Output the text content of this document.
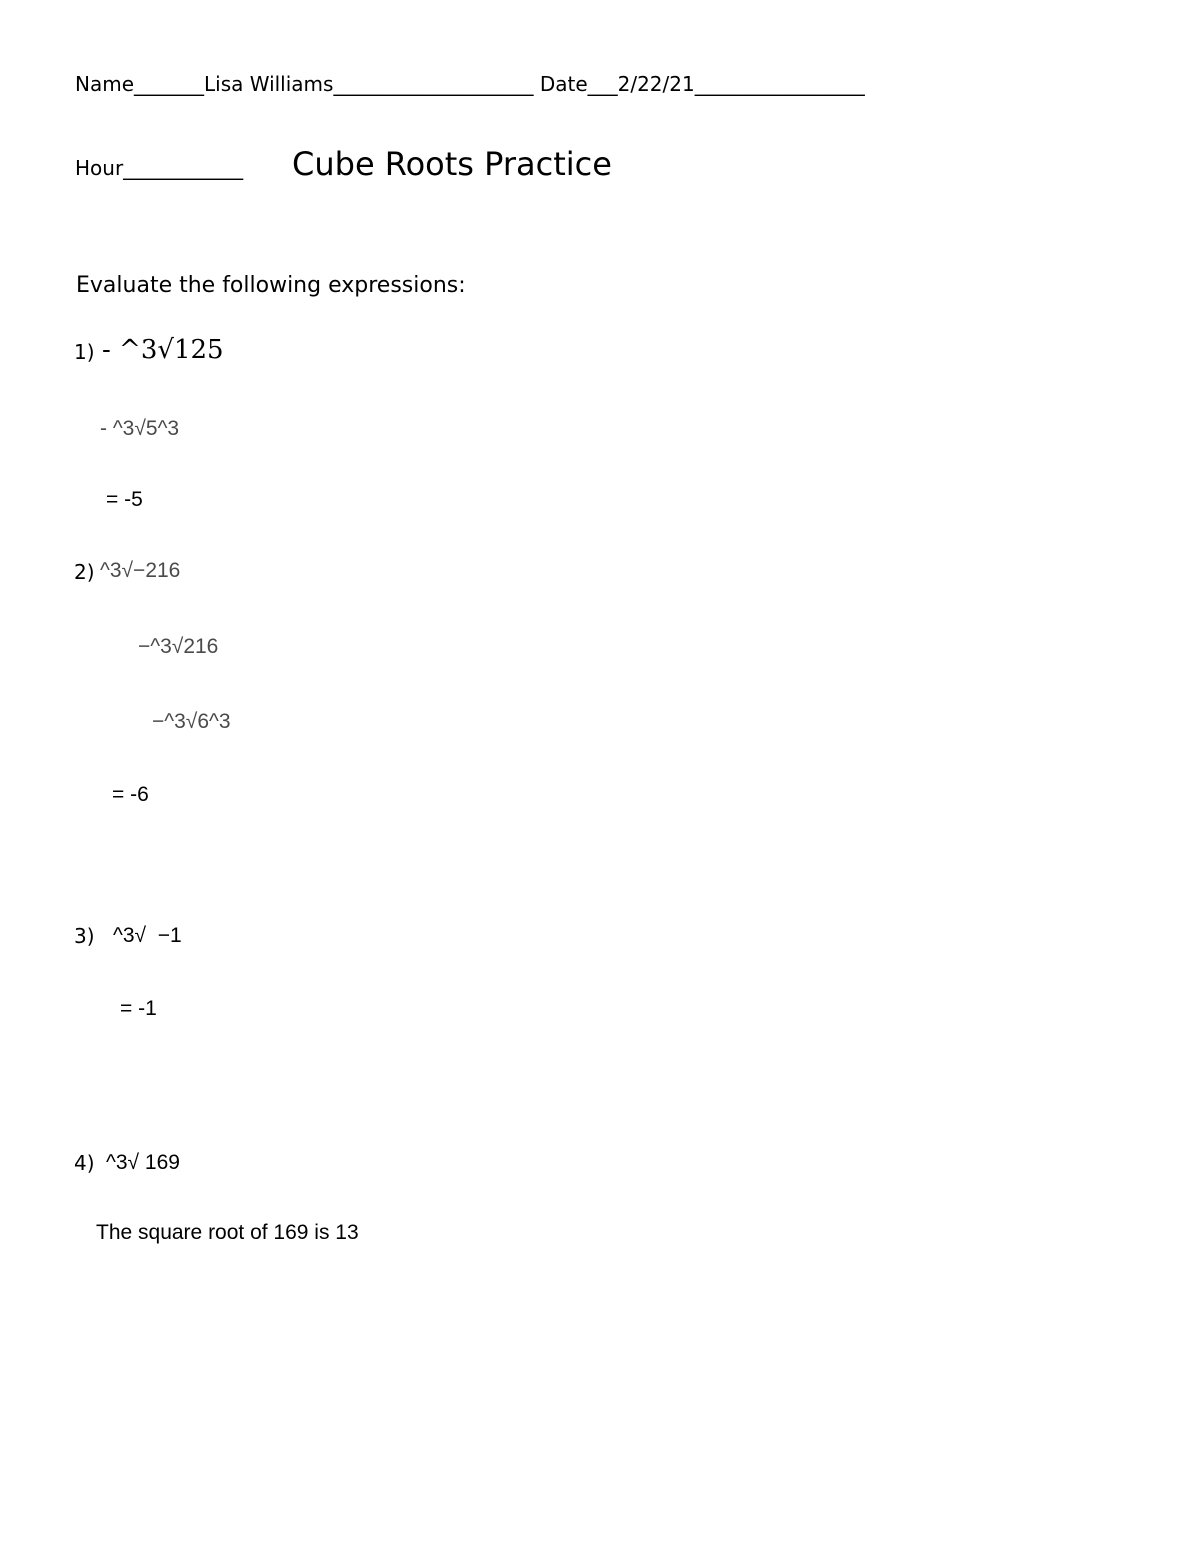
Name_______Lisa Williams____________________ Date___2/22/21_________________
Hour____________ Cube Roots Practice
Evaluate the following expressions:
1) - ^3√125
- ^3√5^3
= -5
2) ^3√−216
−^3√216
−^3√6^3
= -6
3) ^3√  −1
= -1
4) ^3√ 169
The square root of 169 is 13
